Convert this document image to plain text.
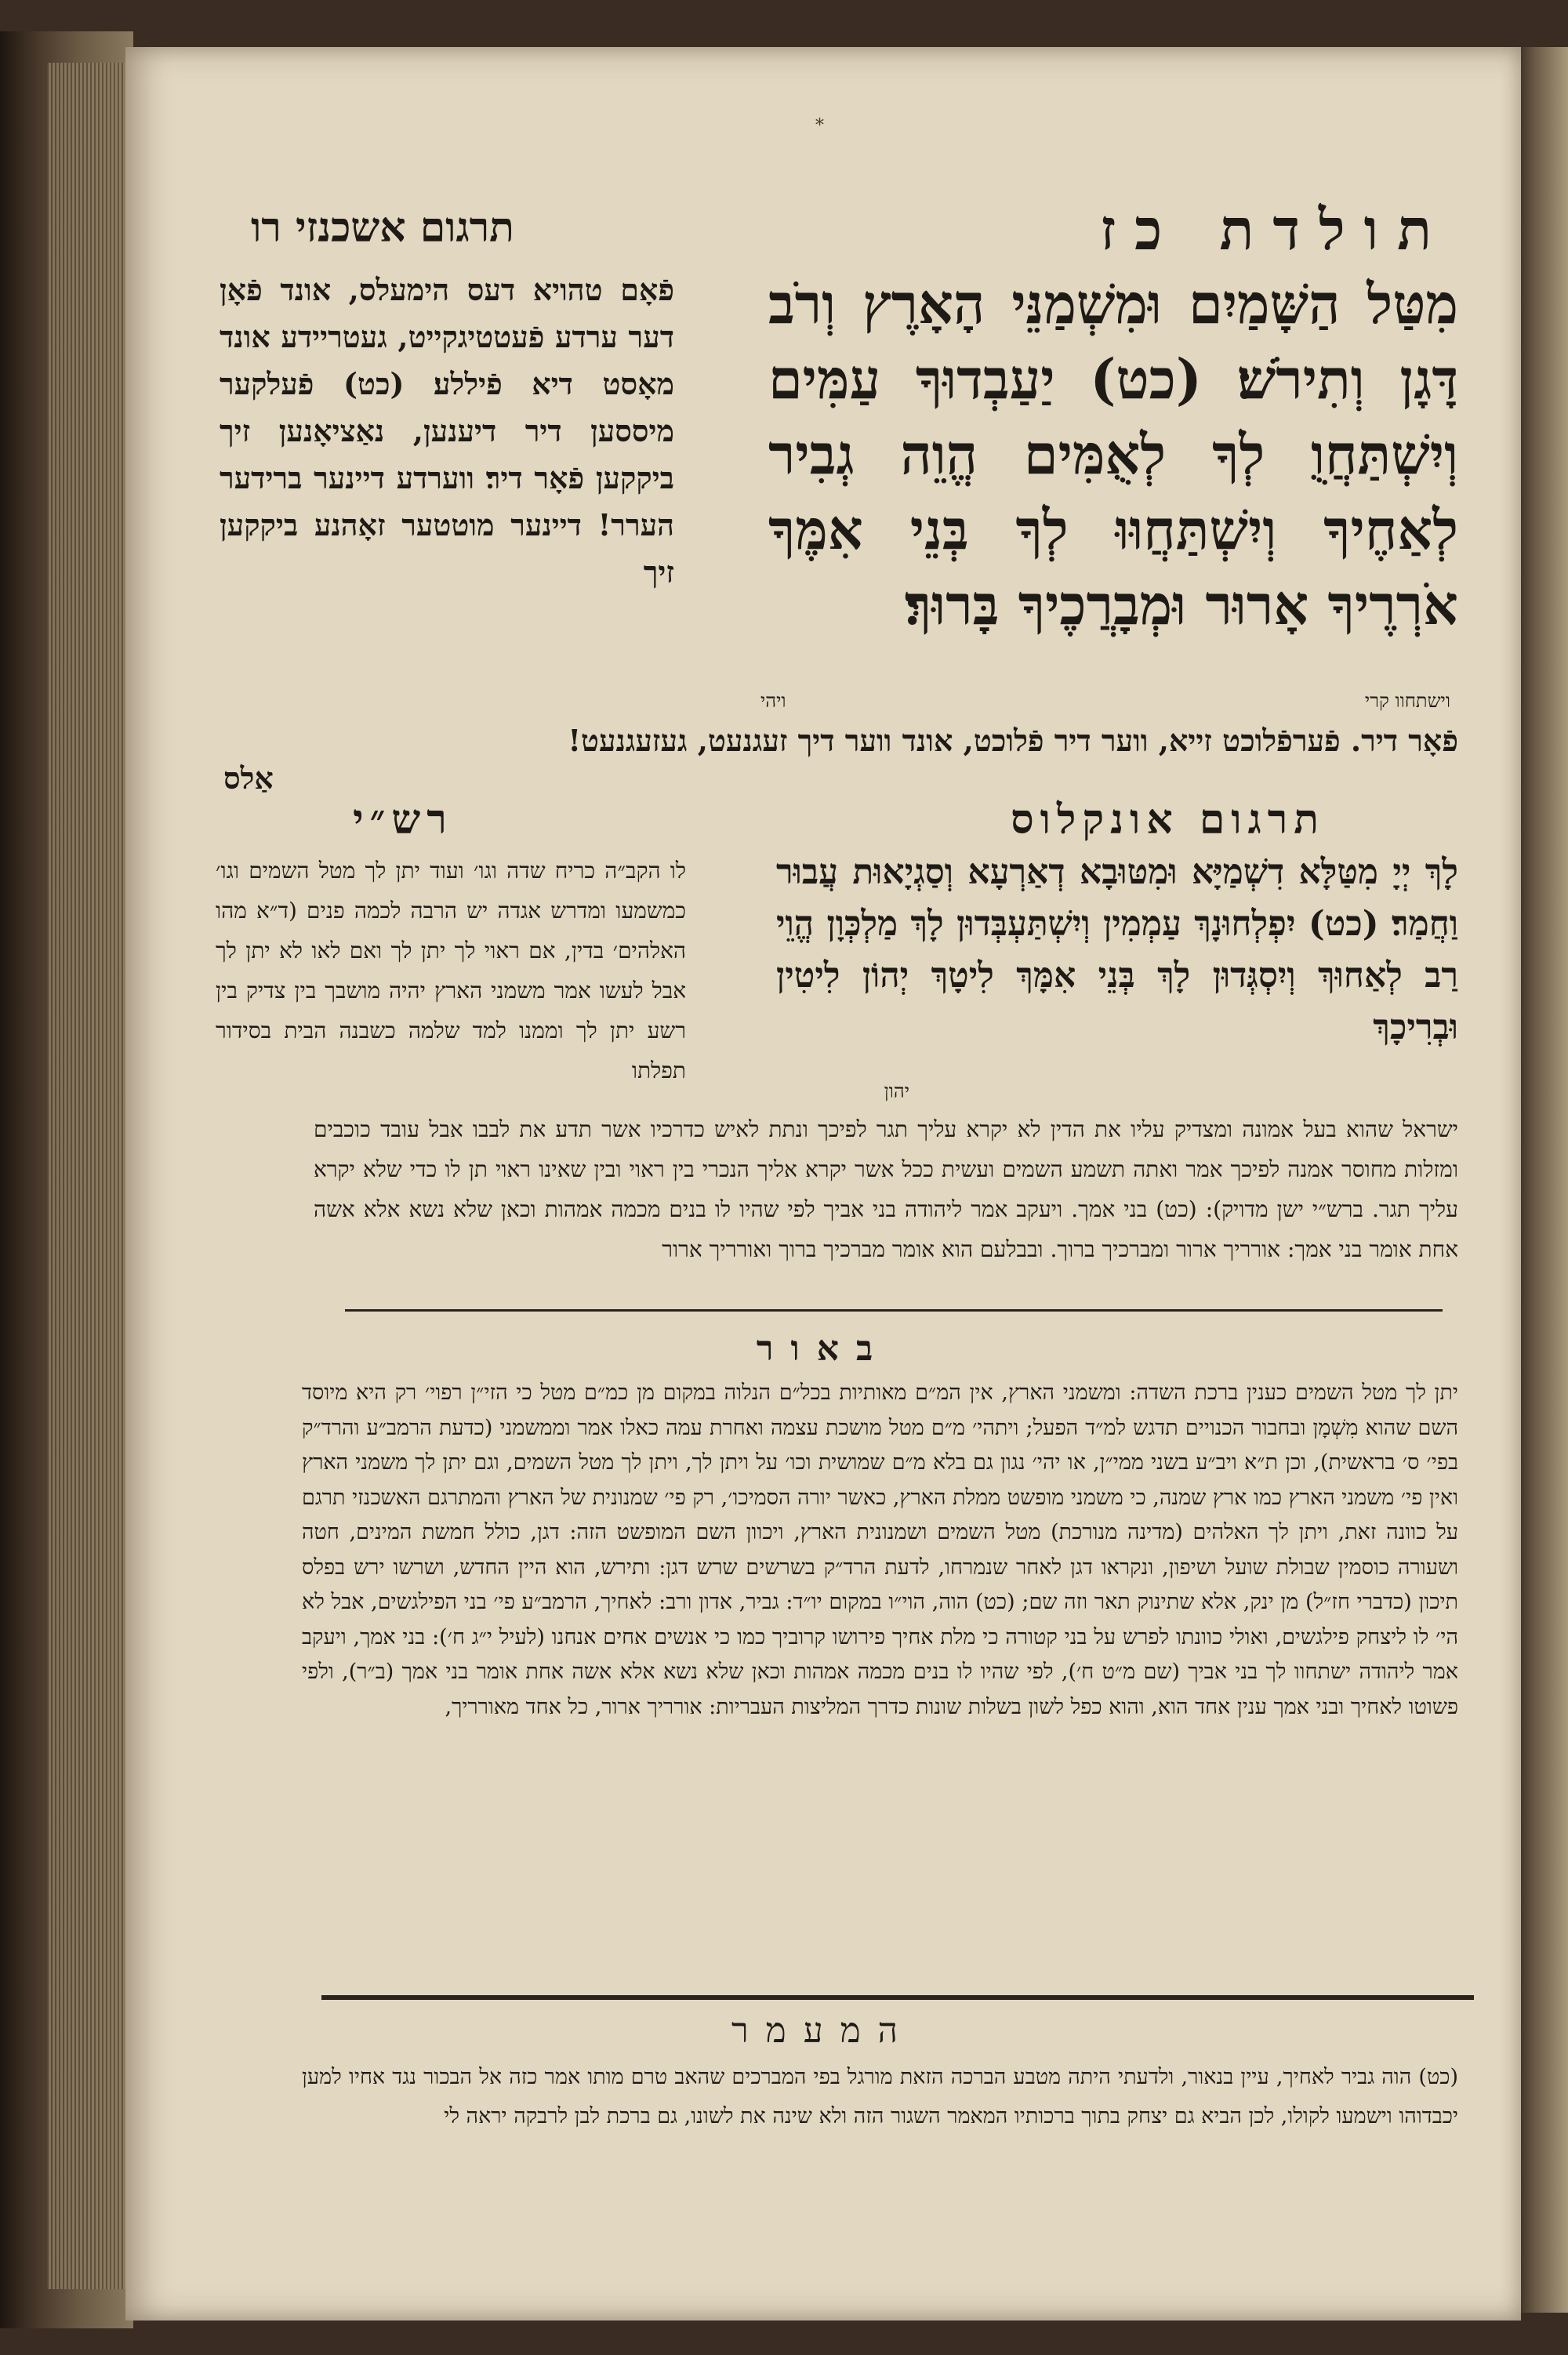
*
תולדת כז
תרגום אשכנזי רו
מִטַּל הַשָּׁמַיִם וּמִשְׁמַנֵּי הָאָרֶץ וְרֹב דָּגָן וְתִירֹשׁ׃ (כט) יַעַבְדוּךָ עַמִּים וְיִשְׁתַּחֲוֻ לְךָ לְאֻמִּים הֱוֵה גְבִיר לְאַחֶיךָ וְיִשְׁתַּחֲוּוּ לְךָ בְּנֵי אִמֶּךָ אֹרְרֶיךָ אָרוּר וּמְבָרֲכֶיךָ בָּרוּךְ׃
וישתחוו קרי
ויהי
פֿאָם טהויא דעס הימעלס, אונד פֿאָן דער ערדע פֿעטטיגקייט, געטריידע אונד מאָסט דיא פֿיללע׃ (כט) פֿעלקער מיססען דיר דיענען, נאַציאָנען זיך ביקקען פֿאָר דיר׃ ווערדע דיינער ברידער הערר! דיינער מוטטער זאָהנע ביקקען זיך
פֿאָר דיר. פֿערפֿלוכט זייא, ווער דיר פֿלוכט, אונד ווער דיך זעגנעט, געזעגנעט!
אַלס
תרגום אונקלוס
רש״י
לָךְ יְיָ מִטַּלָּא דִשְׁמַיָּא וּמִטּוּבָא דְאַרְעָא וְסַגְיָאוּת עֲבוּר וַחֲמַר׃ (כט) יִפְלְחוּנָךְ עַמְמִין וְיִשְׁתַּעְבְּדוּן לָךְ מַלְכְּוָן הֱוֵי רַב לְאַחוּךְ וְיִסְגְּדוּן לָךְ בְּנֵי אִמָּךְ לִיטָךְ יְהוֹן לִיטִין וּבְרִיכָךְ
יהון
לו הקב״ה כריח שדה וגו׳ ועוד יתן לך מטל השמים וגו׳ כמשמעו ומדרש אגדה יש הרבה לכמה פנים (ד״א מהו האלהים׳ בדין, אם ראוי לך יתן לך ואם לאו לא יתן לך אבל לעשו אמר משמני הארץ יהיה מושבך בין צדיק בין רשע יתן לך וממנו למד שלמה כשבנה הבית בסידור תפלתו
ישראל שהוא בעל אמונה ומצדיק עליו את הדין לא יקרא עליך תגר לפיכך ונתת לאיש כדרכיו אשר תדע את לבבו אבל עובד כוכבים ומזלות מחוסר אמנה לפיכך אמר ואתה תשמע השמים ועשית ככל אשר יקרא אליך הנכרי בין ראוי ובין שאינו ראוי תן לו כדי שלא יקרא עליך תגר. ברש״י ישן מדויק): (כט) בני אמך. ויעקב אמר ליהודה בני אביך לפי שהיו לו בנים מכמה אמהות וכאן שלא נשא אלא אשה אחת אומר בני אמך: אורריך ארור ומברכיך ברוך. ובבלעם הוא אומר מברכיך ברוך ואורריך ארור
באור
יתן לך מטל השמים כענין ברכת השדה: ומשמני הארץ, אין המ״ם מאותיות בכל״ם הנלוה במקום מן כמ״ם מטל כי הזי״ן רפוי׳ רק היא מיוסד השם שהוא מִשְׁמָן ובחבור הכנויים תדגש למ״ד הפעל; ויתהי׳ מ״ם מטל מושכת עצמה ואחרת עמה כאלו אמר וממשמני (כדעת הרמב״ע והרד״ק בפי׳ ס׳ בראשית), וכן ת״א ויב״ע בשני ממי״ן, או יהי׳ נגון גם בלא מ״ם שמושית וכו׳ על ויתן לך, ויתן לך מטל השמים, וגם יתן לך משמני הארץ ואין פי׳ משמני הארץ כמו ארץ שמנה, כי משמני מופשט ממלת הארץ, כאשר יורה הסמיכו׳, רק פי׳ שמנונית של הארץ והמתרגם האשכנזי תרגם על כוונה זאת, ויתן לך האלהים (מדינה מנורכת) מטל השמים ושמנונית הארץ, ויכוון השם המופשט הזה: דגן, כולל חמשת המינים, חטה ושעורה כוסמין שבולת שועל ושיפון, ונקראו דגן לאחר שנמרחו, לדעת הרד״ק בשרשים שרש דגן: ותירש, הוא היין החדש, ושרשו ירש בפלס תיכון (כדברי חז״ל) מן ינק, אלא שתינוק תאר וזה שם; (כט) הוה, הוי״ו במקום יו״ד: גביר, אדון ורב: לאחיך, הרמב״ע פי׳ בני הפילגשים, אבל לא הי׳ לו ליצחק פילגשים, ואולי כוונתו לפרש על בני קטורה כי מלת אחיך פירושו קרוביך כמו כי אנשים אחים אנחנו (לעיל י״ג ח׳): בני אמך, ויעקב אמר ליהודה ישתחוו לך בני אביך (שם מ״ט ח׳), לפי שהיו לו בנים מכמה אמהות וכאן שלא נשא אלא אשה אחת אומר בני אמך (ב״ר), ולפי פשוטו לאחיך ובני אמך ענין אחד הוא, והוא כפל לשון בשלות שונות כדרך המליצות העבריות: אורריך ארור, כל אחד מאורריך,
המעמר
(כט) הוה גביר לאחיך, עיין בנאור, ולדעתי היתה מטבע הברכה הזאת מורגל בפי המברכים שהאב טרם מותו אמר כזה אל הבכור נגד אחיו למען יכבדוהו וישמעו לקולו, לכן הביא גם יצחק בתוך ברכותיו המאמר השגור הזה ולא שינה את לשונו, גם ברכת לבן לרבקה יראה לי
